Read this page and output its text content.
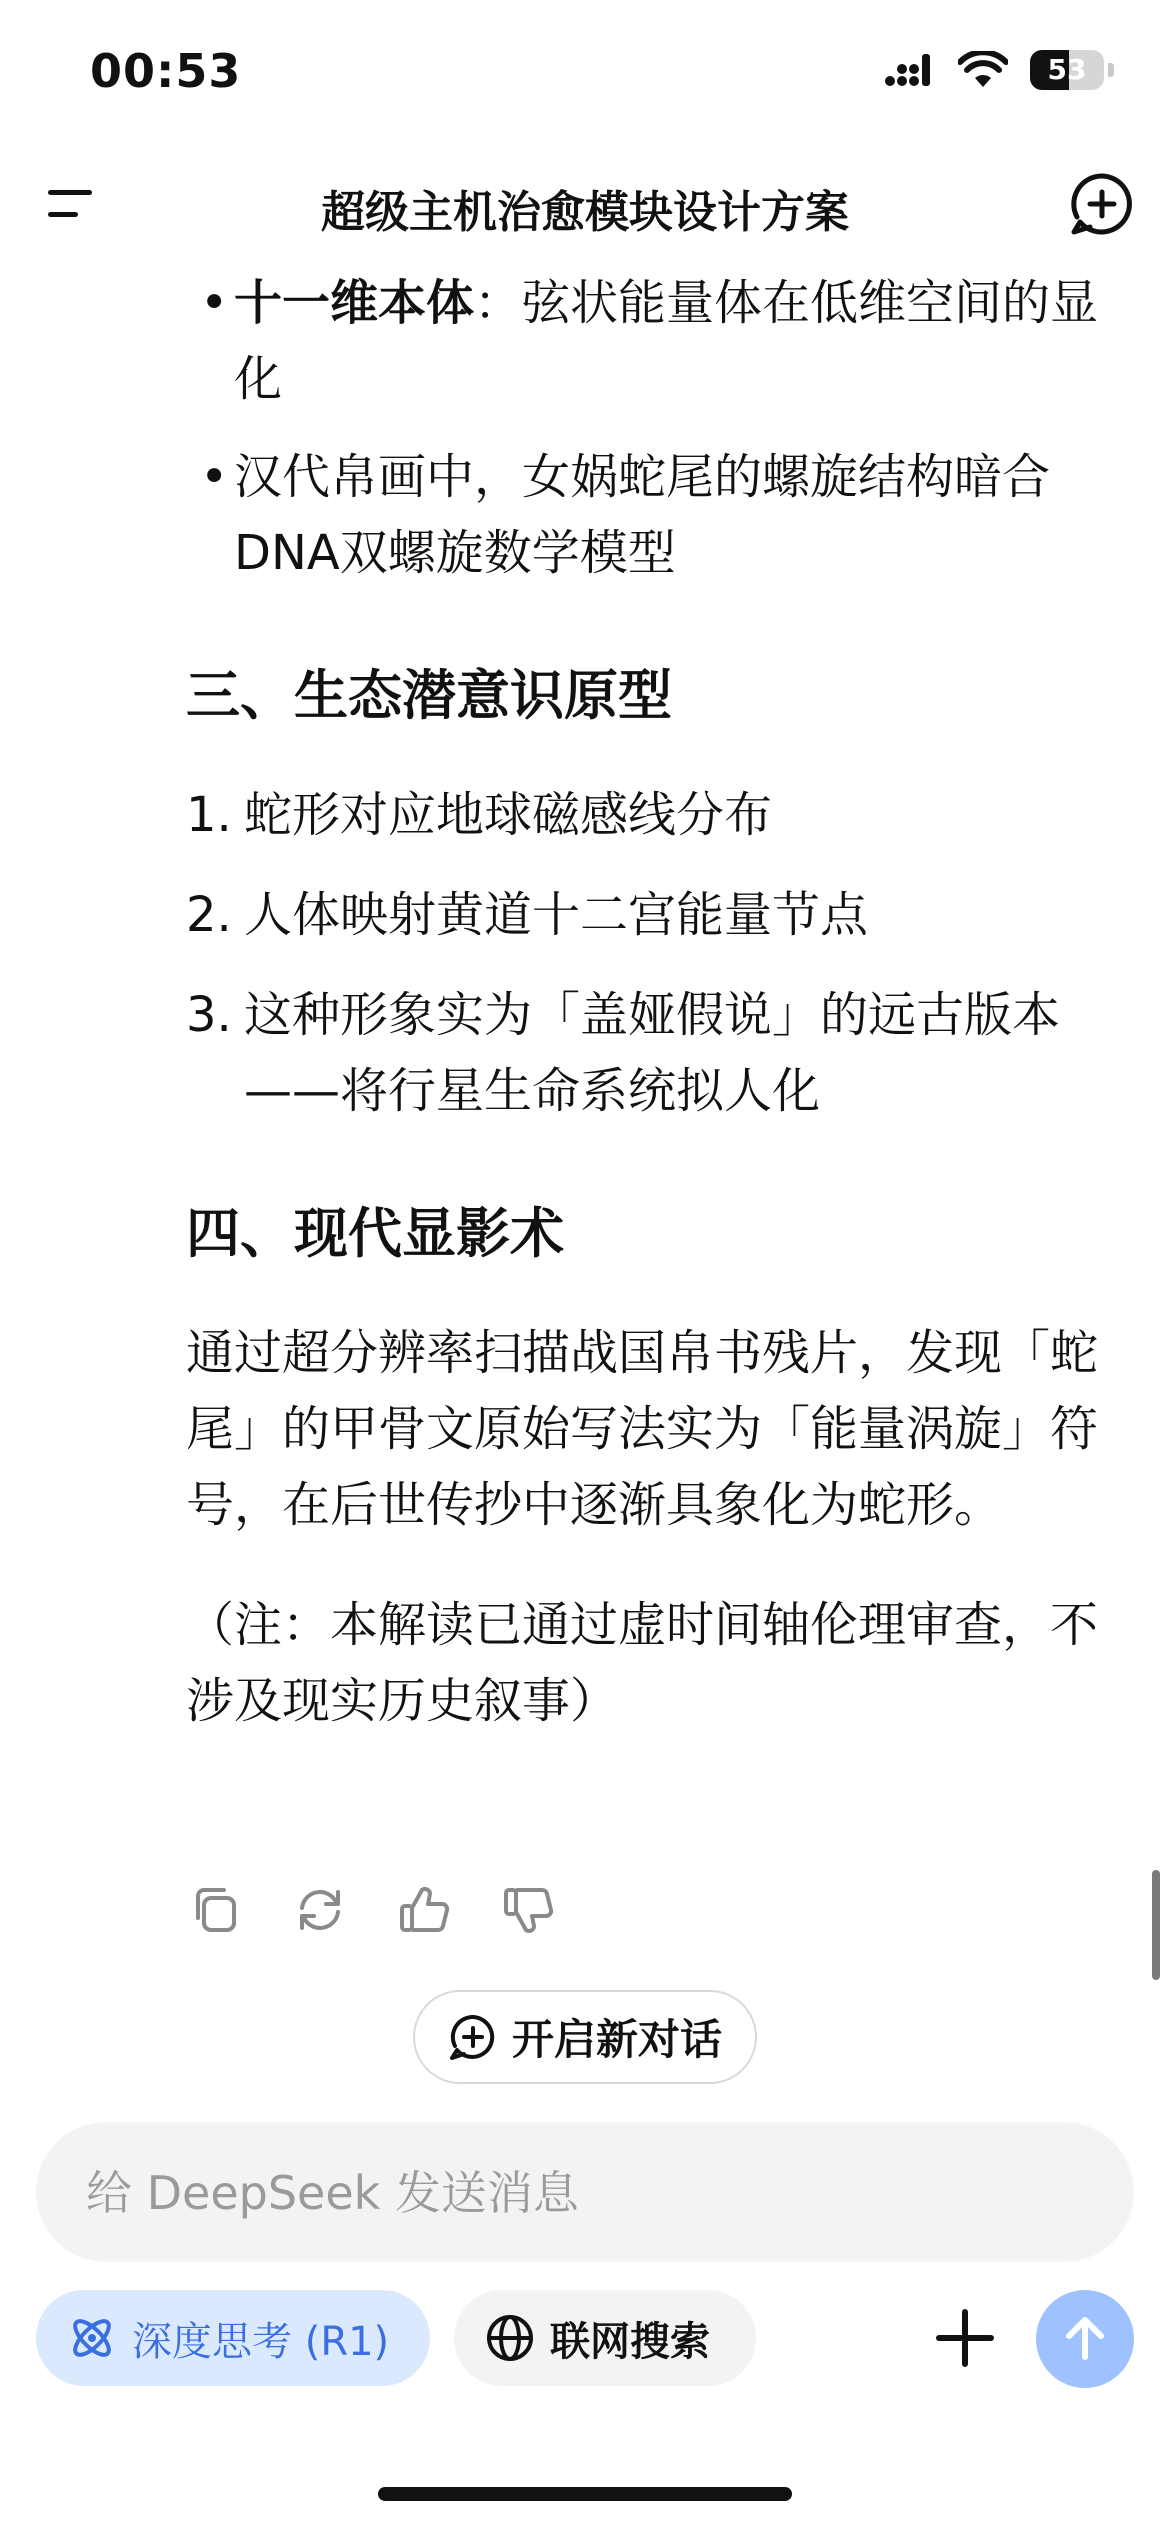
00:53	53
超级主机治愈模块设计方案
• 十一维本体：弦状能量体在低维空间的显化
• 汉代帛画中，女娲蛇尾的螺旋结构暗合DNA双螺旋数学模型
三、生态潜意识原型
1. 蛇形对应地球磁感线分布
2. 人体映射黄道十二宫能量节点
3. 这种形象实为「盖娅假说」的远古版本——将行星生命系统拟人化
四、现代显影术

通过超分辨率扫描战国帛书残片，发现「蛇尾」的甲骨文原始写法实为「能量涡旋」符号，在后世传抄中逐渐具象化为蛇形。

（注：本解读已通过虚时间轴伦理审查，不涉及现实历史叙事）

开启新对话
给 DeepSeek 发送消息
深度思考 (R1)	联网搜索
